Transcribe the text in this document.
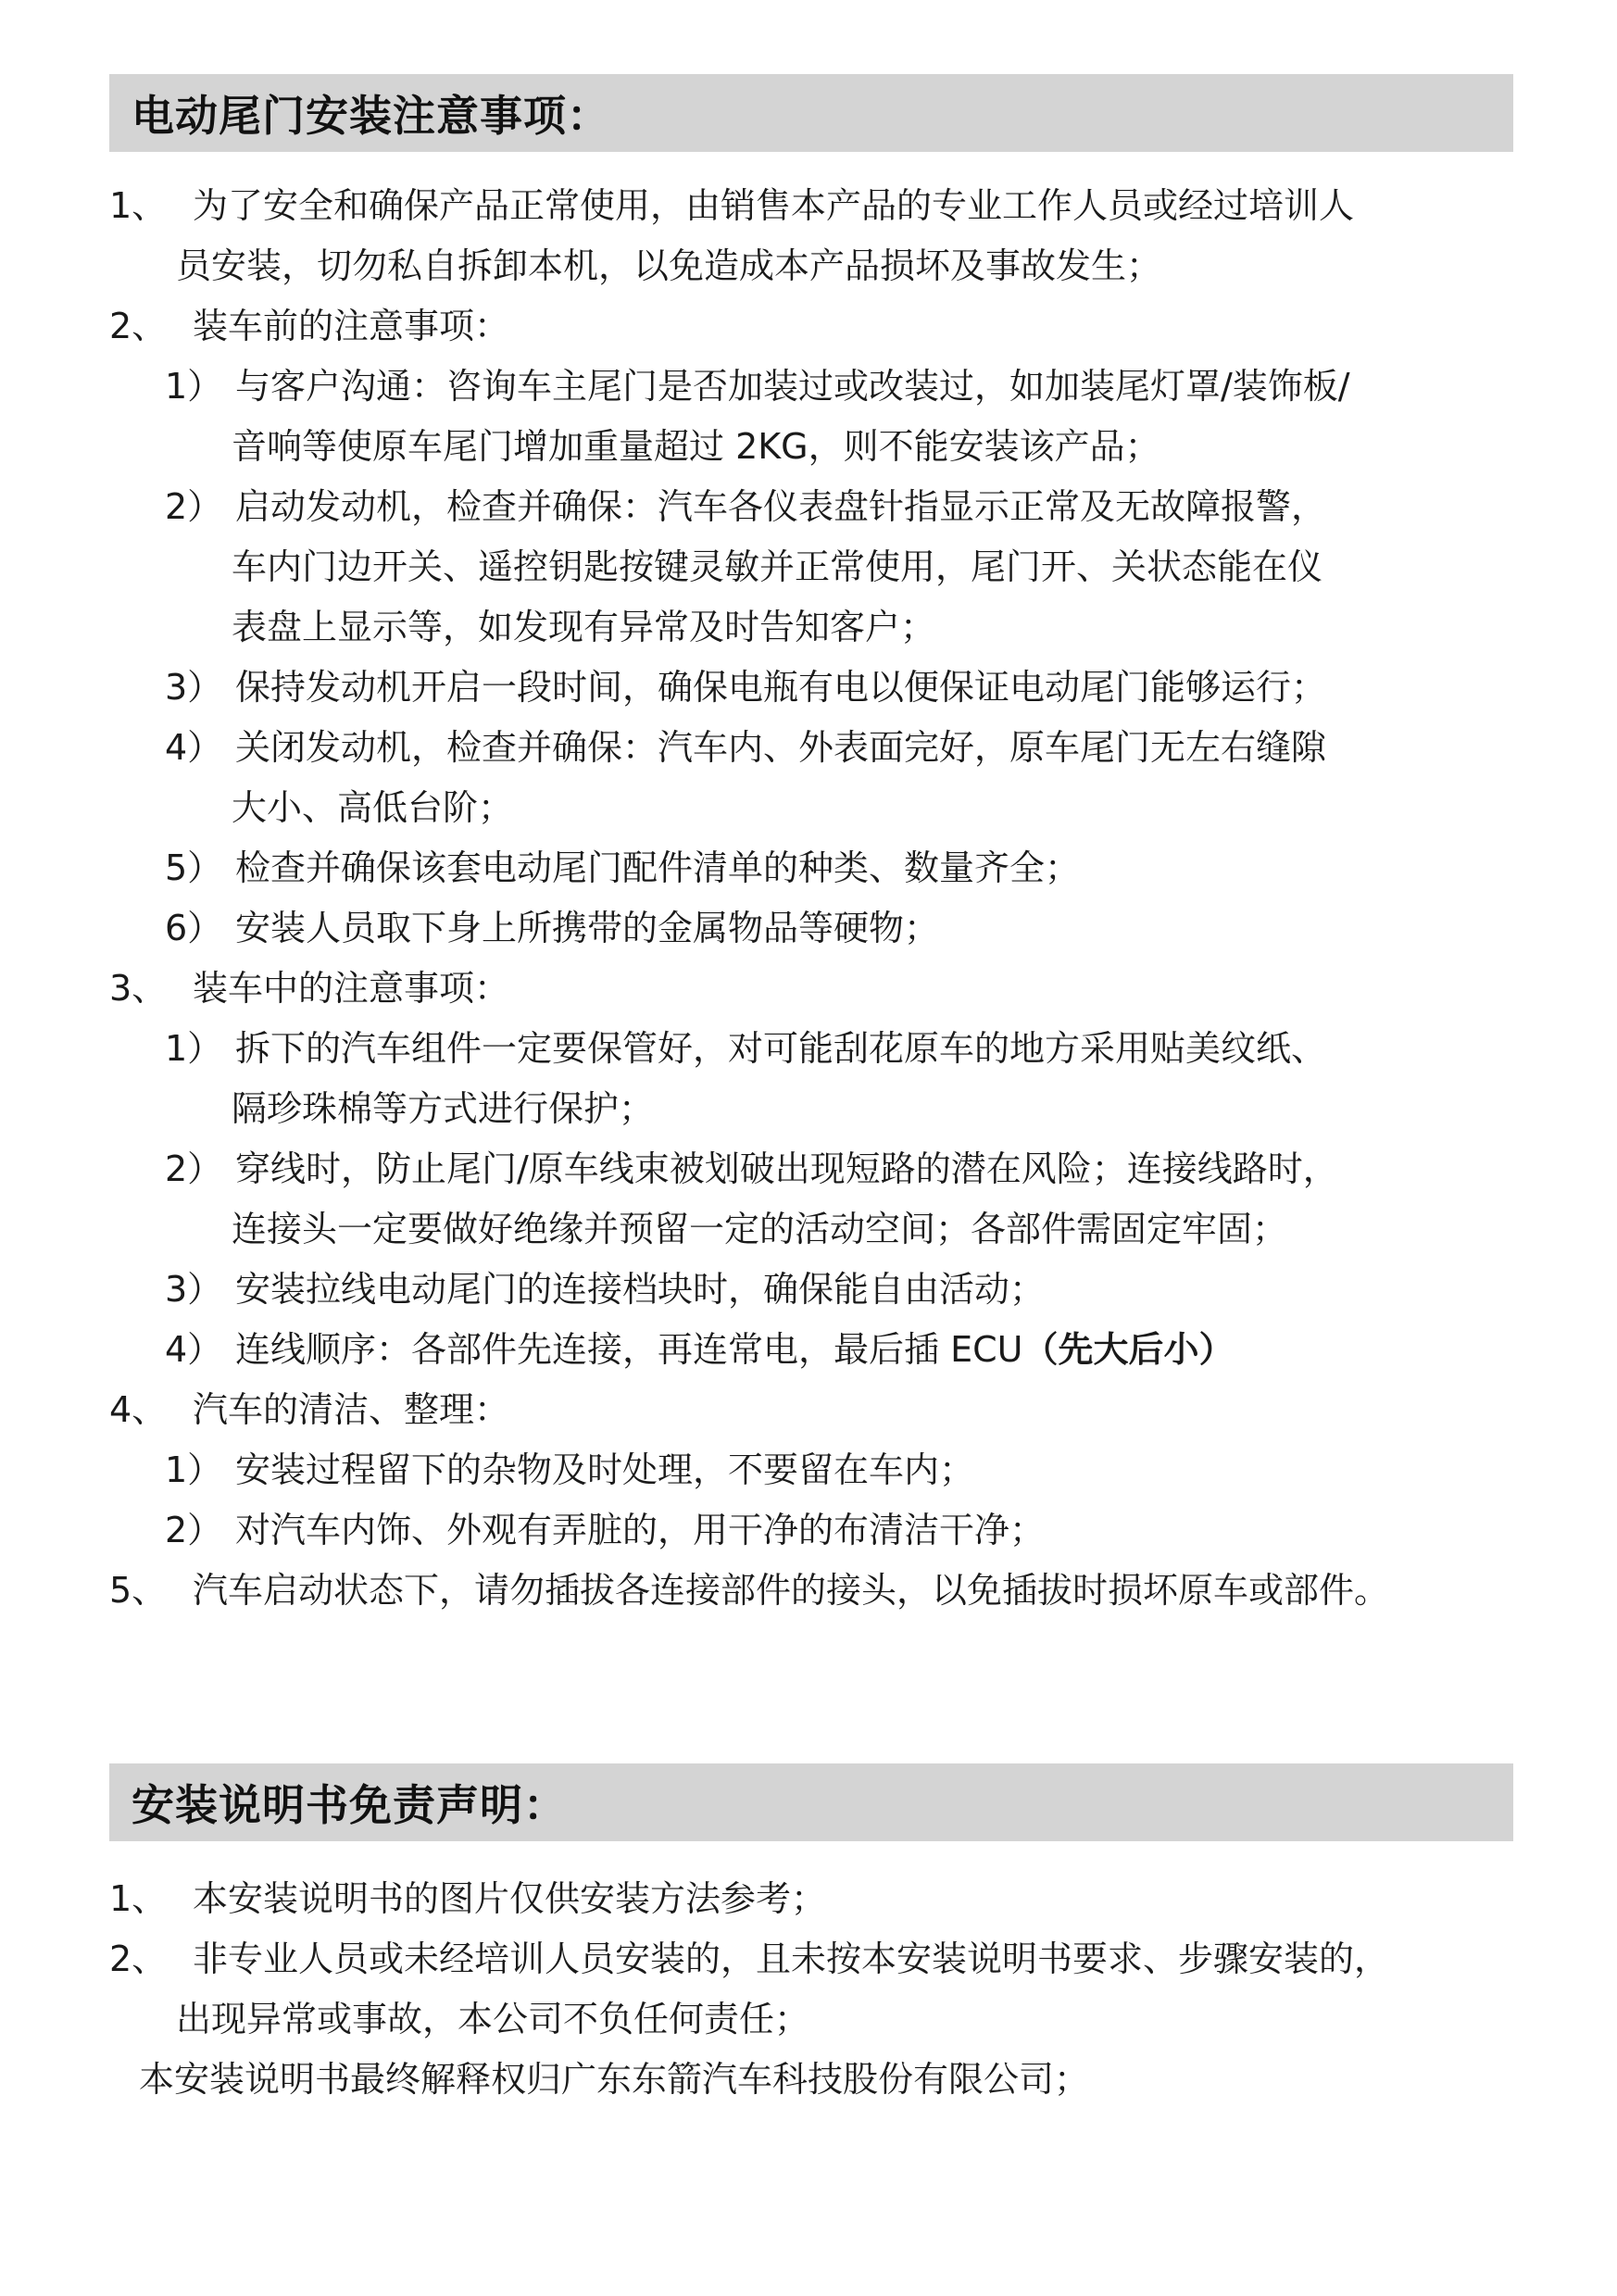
电动尾门安装注意事项：
1、 为了安全和确保产品正常使用，由销售本产品的专业工作人员或经过培训人
员安装，切勿私自拆卸本机，以免造成本产品损坏及事故发生；
2、 装车前的注意事项：
1） 与客户沟通：咨询车主尾门是否加装过或改装过，如加装尾灯罩/装饰板/
音响等使原车尾门增加重量超过 2KG，则不能安装该产品；
2） 启动发动机，检查并确保：汽车各仪表盘针指显示正常及无故障报警，
车内门边开关、遥控钥匙按键灵敏并正常使用，尾门开、关状态能在仪
表盘上显示等，如发现有异常及时告知客户；
3） 保持发动机开启一段时间，确保电瓶有电以便保证电动尾门能够运行；
4） 关闭发动机，检查并确保：汽车内、外表面完好，原车尾门无左右缝隙
大小、高低台阶；
5） 检查并确保该套电动尾门配件清单的种类、数量齐全；
6） 安装人员取下身上所携带的金属物品等硬物；
3、 装车中的注意事项：
1） 拆下的汽车组件一定要保管好，对可能刮花原车的地方采用贴美纹纸、
隔珍珠棉等方式进行保护；
2） 穿线时，防止尾门/原车线束被划破出现短路的潜在风险；连接线路时，
连接头一定要做好绝缘并预留一定的活动空间；各部件需固定牢固；
3） 安装拉线电动尾门的连接档块时，确保能自由活动；
4） 连线顺序：各部件先连接，再连常电，最后插 ECU（先大后小）
4、 汽车的清洁、整理：
1） 安装过程留下的杂物及时处理，不要留在车内；
2） 对汽车内饰、外观有弄脏的，用干净的布清洁干净；
5、 汽车启动状态下，请勿插拔各连接部件的接头，以免插拔时损坏原车或部件。
安装说明书免责声明：
1、 本安装说明书的图片仅供安装方法参考；
2、 非专业人员或未经培训人员安装的，且未按本安装说明书要求、步骤安装的，
出现异常或事故，本公司不负任何责任；
本安装说明书最终解释权归广东东箭汽车科技股份有限公司；
